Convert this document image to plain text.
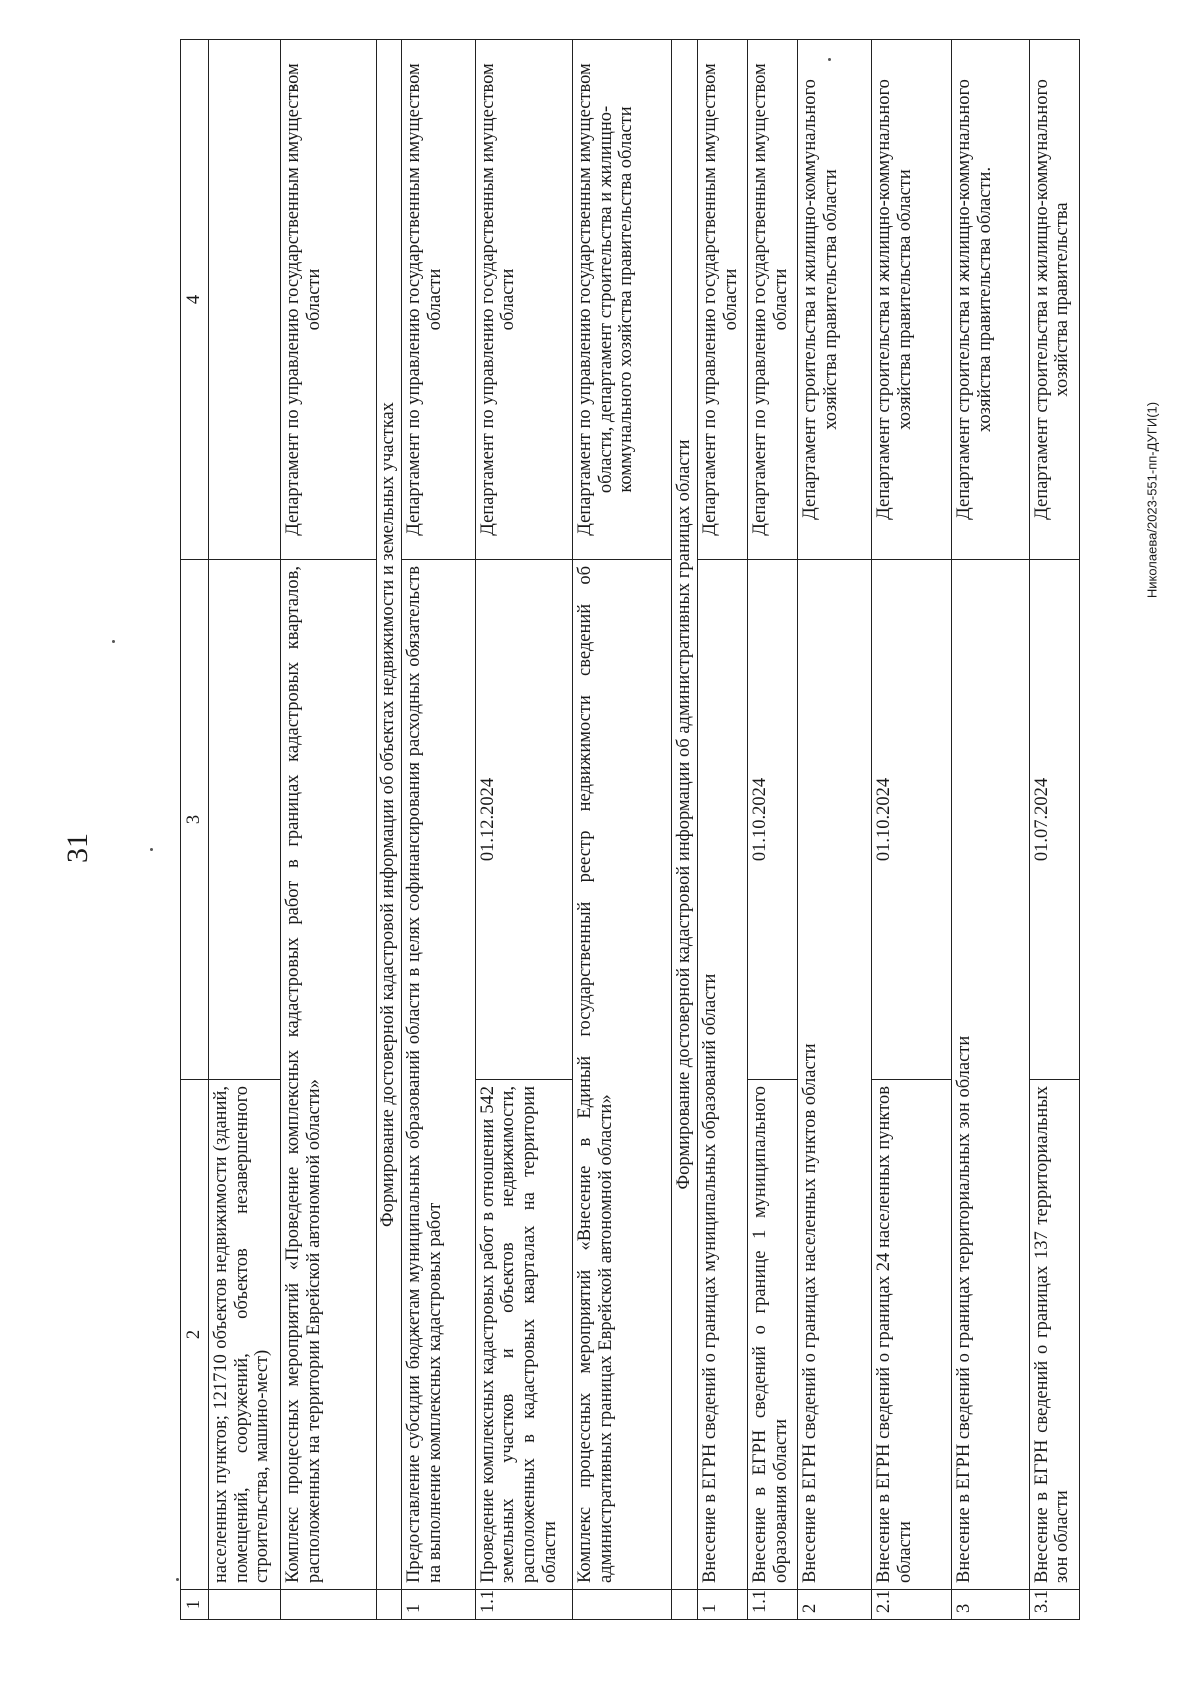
31
Николаева/2023-551-пп-ДУГИ(1)
1	2	3	4
	населенных пунктов; 121710 объектов недвижимости (зданий, помещений, сооружений, объектов незавершенного строительства, машино-мест)		
	Комплекс процессных мероприятий «Проведение комплексных кадастровых работ в границах кадастровых кварталов, расположенных на территории Еврейской автономной области»		Департамент по управлению государственным имуществом области
	Формирование достоверной кадастровой информации об объектах недвижимости и земельных участках		
1	Предоставление субсидии бюджетам муниципальных образований области в целях софинансирования расходных обязательств на выполнение комплексных кадастровых работ		Департамент по управлению государственным имуществом области
1.1	Проведение комплексных кадастровых работ в отношении 542 земельных участков и объектов недвижимости, расположенных в кадастровых кварталах на территории области	01.12.2024	Департамент по управлению государственным имуществом области
	Комплекс процессных мероприятий «Внесение в Единый государственный реестр недвижимости сведений об административных границах Еврейской автономной области»		Департамент по управлению государственным имуществом области, департамент строительства и жилищно-коммунального хозяйства правительства области
	Формирование достоверной кадастровой информации об административных границах области		
1	Внесение в ЕГРН сведений о границах муниципальных образований области		Департамент по управлению государственным имуществом области
1.1	Внесение в ЕГРН сведений о границе 1 муниципального образования области	01.10.2024	Департамент по управлению государственным имуществом области
2	Внесение в ЕГРН сведений о границах населенных пунктов области		Департамент строительства и жилищно-коммунального хозяйства правительства области
2.1	Внесение в ЕГРН сведений о границах 24 населенных пунктов области	01.10.2024	Департамент строительства и жилищно-коммунального хозяйства правительства области
3	Внесение в ЕГРН сведений о границах территориальных зон области		Департамент строительства и жилищно-коммунального хозяйства правительства области.
3.1	Внесение в ЕГРН сведений о границах 137 территориальных зон области	01.07.2024	Департамент строительства и жилищно-коммунального хозяйства правительства
